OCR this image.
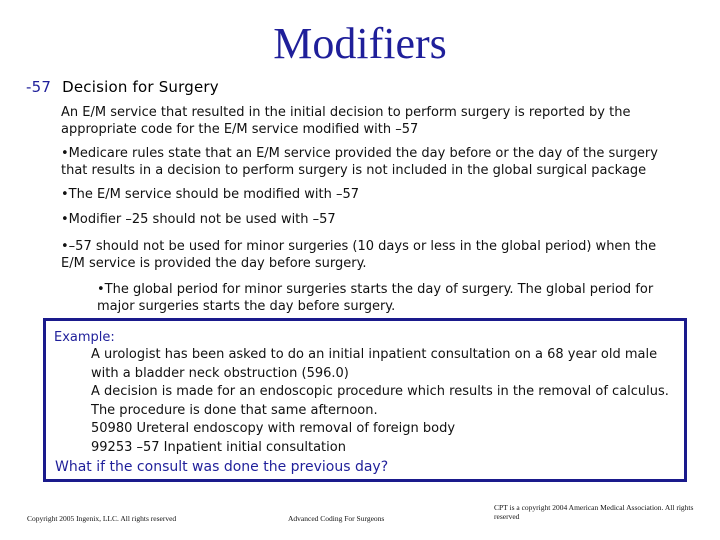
Modifiers
-57 Decision for Surgery
An E/M service that resulted in the initial decision to perform surgery is reported by the appropriate code for the E/M service modified with –57
•Medicare rules state that an E/M service provided the day before or the day of the surgery that results in a decision to perform surgery is not included in the global surgical package
•The E/M service should be modified with –57
•Modifier –25 should not be used with –57
•–57 should not be used for minor surgeries (10 days or less in the global period) when the E/M service is provided the day before surgery.
•The global period for minor surgeries starts the day of surgery. The global period for major surgeries starts the day before surgery.
Example:
A urologist has been asked to do an initial inpatient consultation on a 68 year old male
with a bladder neck obstruction (596.0)
A decision is made for an endoscopic procedure which results in the removal of calculus.
The procedure is done that same afternoon.
50980 Ureteral endoscopy with removal of foreign body
99253 –57 Inpatient initial consultation
What if the consult was done the previous day?
Copyright 2005 Ingenix, LLC. All rights reserved	Advanced Coding For Surgeons
CPT is a copyright 2004 American Medical Association. All rights reserved
